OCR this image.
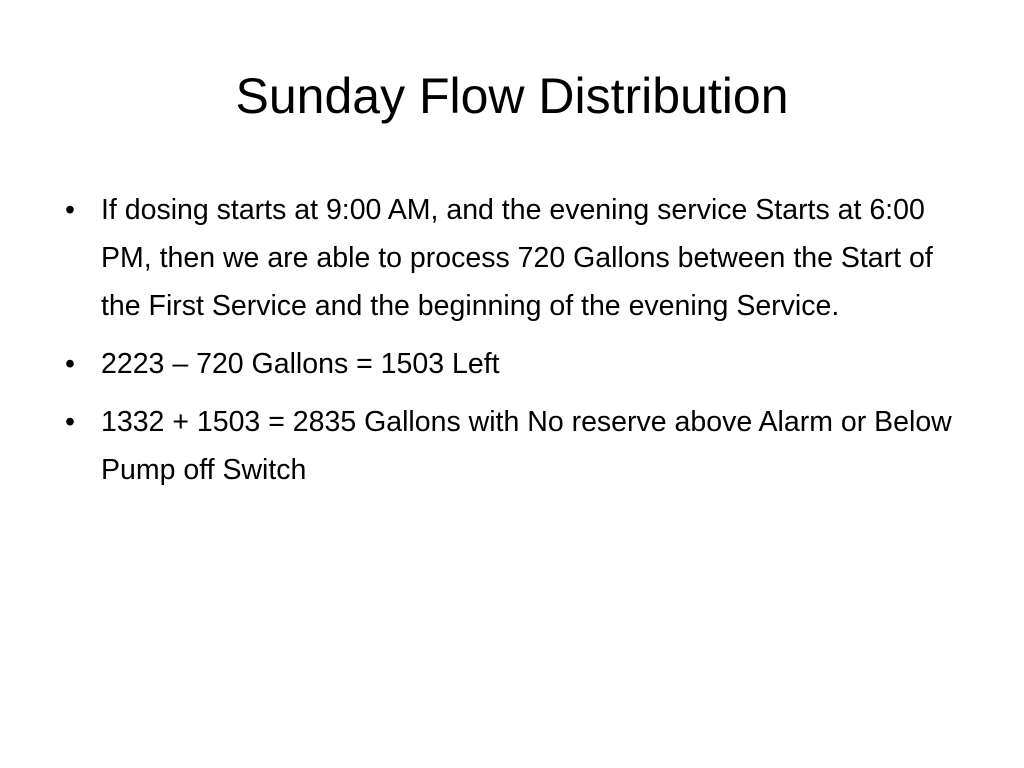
Sunday Flow Distribution
• If dosing starts at 9:00 AM, and the evening service Starts at 6:00 PM, then we are able to process 720 Gallons between the Start of the First Service and the beginning of the evening Service.
• 2223 – 720 Gallons = 1503 Left
• 1332 + 1503 = 2835 Gallons with No reserve above Alarm or Below Pump off Switch
